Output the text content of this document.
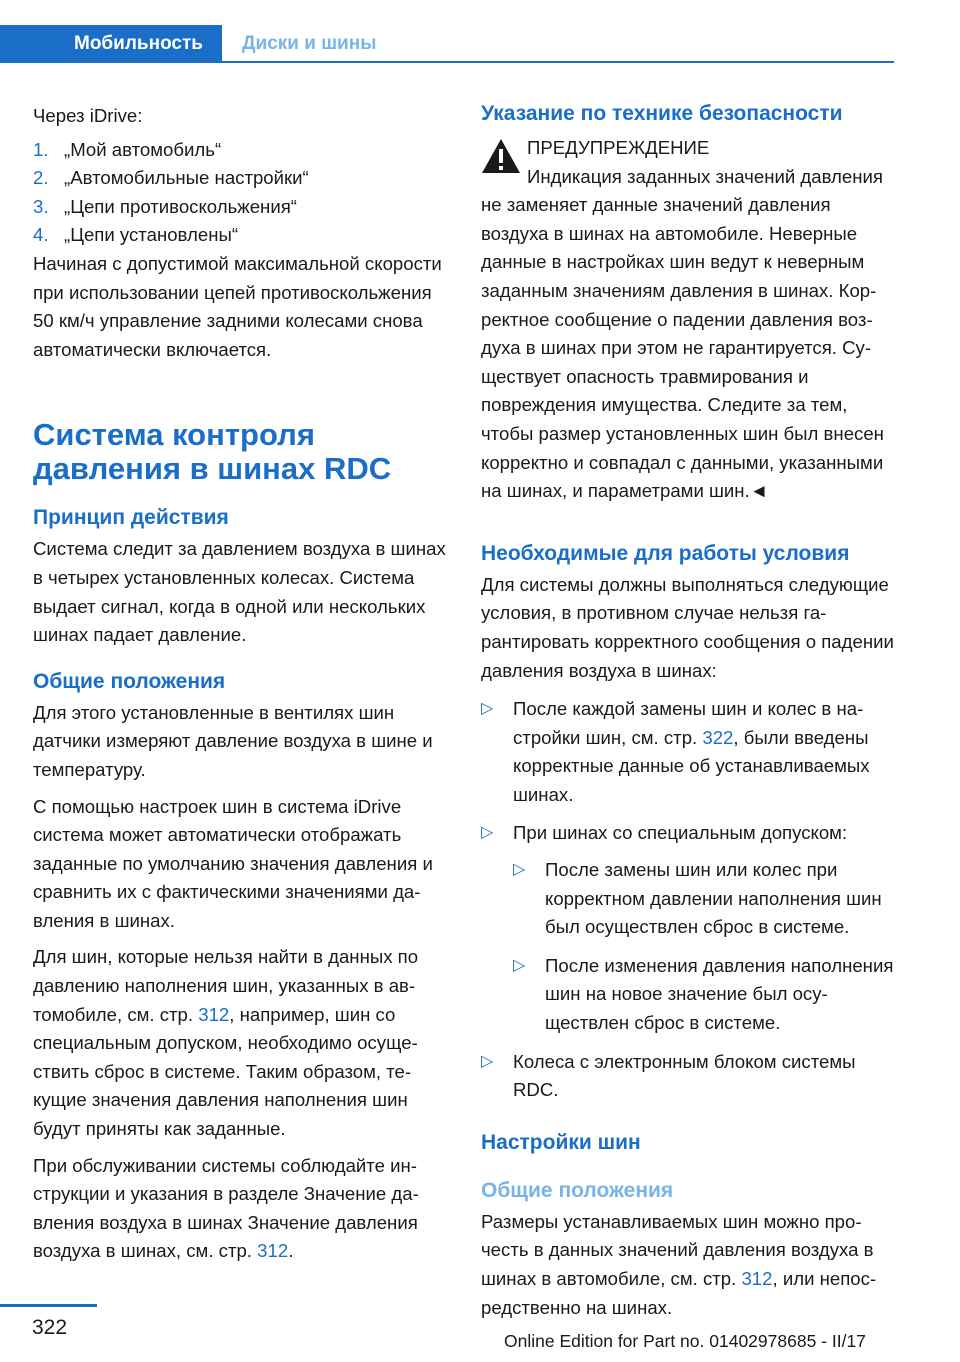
Мобильность	Диски и шины

Через iDrive:

1. „Мой автомобиль“
2. „Автомобильные настройки“
3. „Цепи противоскольжения“
4. „Цепи установлены“

Начиная с допустимой максимальной скорости при использовании цепей противоскольжения 50 км/ч управление задними колесами снова автоматически включается.

Система контроля давления в шинах RDC
Принцип действия

Система следит за давлением воздуха в шинах в четырех установленных колесах. Система выдает сигнал, когда в одной или нескольких шинах падает давление.

Общие положения

Для этого установленные в вентилях шин датчики измеряют давление воздуха в шине и температуру.

С помощью настроек шин в система iDrive система может автоматически отображать заданные по умолчанию значения давления и сравнить их с фактическими значениями давления в шинах.

Для шин, которые нельзя найти в данных по давлению наполнения шин, указанных в автомобиле, см. стр. 312, например, шин со специальным допуском, необходимо осуществить сброс в системе. Таким образом, текущие значения давления наполнения шин будут приняты как заданные.

При обслуживании системы соблюдайте инструкции и указания в разделе Значение давления воздуха в шинах Значение давления воздуха в шинах, см. стр. 312.

Указание по технике безопасности
ПРЕДУПРЕЖДЕНИЕ
Индикация заданных значений давления не заменяет данные значений давления воздуха в шинах на автомобиле. Неверные данные в настройках шин ведут к неверным заданным значениям давления в шинах. Корректное сообщение о падении давления воздуха в шинах при этом не гарантируется. Существует опасность травмирования и повреждения имущества. Следите за тем, чтобы размер установленных шин был внесен корректно и совпадал с данными, указанными на шинах, и параметрами шин.◄
Необходимые для работы условия

Для системы должны выполняться следующие условия, в противном случае нельзя гарантировать корректного сообщения о падении давления воздуха в шинах:

▷ После каждой замены шин и колес в настройки шин, см. стр. 322, были введены корректные данные об устанавливаемых шинах.
▷ При шинах со специальным допуском:
▷ После замены шин или колес при корректном давлении наполнения шин был осуществлен сброс в системе.
▷ После изменения давления наполнения шин на новое значение был осуществлен сброс в системе.
▷ Колеса с электронным блоком системы RDC.
Настройки шин
Общие положения

Размеры устанавливаемых шин можно прочесть в данных значений давления воздуха в шинах в автомобиле, см. стр. 312, или непосредственно на шинах.

322
Online Edition for Part no. 01402978685 - II/17
